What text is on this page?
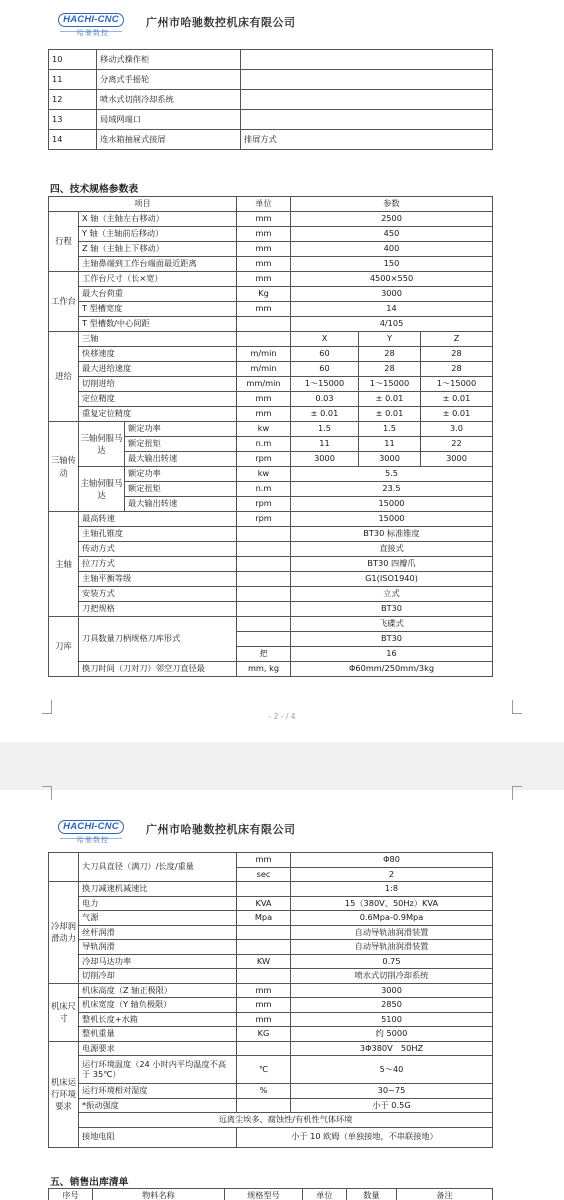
HACHI-CNC
哈驰数控
广州市哈驰数控机床有限公司
10	移动式操作柜	
11	分离式手摇轮	
12	喷水式切削冷却系统	
13	局域网端口	
14	连水箱抽屉式接屑	排屑方式
四、技术规格参数表
项目			单位	参数		
行程	X 轴（主轴左右移动）		mm	2500		
	Y 轴（主轴前后移动）		mm	450		
	Z 轴（主轴上下移动）		mm	400		
	主轴鼻端到工作台端面最近距离		mm	150		
工作台	工作台尺寸（长×宽）		mm	4500×550		
	最大台荷重		Kg	3000		
	T 型槽宽度		mm	14		
	T 型槽数/中心间距			4/105		
进给	三轴			X	Y	Z
	快移速度		m/min	60	28	28
	最大进给速度		m/min	60	28	28
	切削进给		mm/min	1～15000	1～15000	1～15000
	定位精度		mm	0.03	± 0.01	± 0.01
	重复定位精度		mm	± 0.01	± 0.01	± 0.01
三轴传动	三轴伺服马达	额定功率	kw	1.5	1.5	3.0
		额定扭矩	n.m	11	11	22
		最大输出转速	rpm	3000	3000	3000
	主轴伺服马达	额定功率	kw	5.5		
		额定扭矩	n.m	23.5		
		最大输出转速	rpm	15000		
主轴	最高转速		rpm	15000		
	主轴孔锥度			BT30 标准锥度		
	传动方式			直接式		
	拉刀方式			BT30 四瓣爪		
	主轴平衡等级			G1(ISO1940)		
	安装方式			立式		
	刀把规格			BT30		
刀库	刀具数量刀柄规格刀库形式			飞碟式		
				BT30		
			把	16		
	换刀时间（刀对刀）邻空刀直径最		mm, kg	Φ60mm/250mm/3kg		
- 2 - / 4
HACHI-CNC
哈驰数控
广州市哈驰数控机床有限公司
	大刀具直径（满刀）/长度/重量	mm	Φ80
		sec	2
冷却润滑动力	换刀减速机减速比		1:8
	电力	KVA	15（380V、50Hz）KVA
	气源	Mpa	0.6Mpa-0.9Mpa
	丝杆润滑		自动导轨油润滑装置
	导轨润滑		自动导轨油润滑装置
	冷却马达功率	KW	0.75
	切削冷却		喷水式切削冷却系统
机床尺寸	机床高度（Z 轴正极限）	mm	3000
	机床宽度（Y 轴负极限）	mm	2850
	整机长度+水箱	mm	5100
	整机重量	KG	约 5000
机床运行环境要求	电源要求		3Φ380V　50HZ
	运行环境温度（24 小时内平均温度不高于 35℃）	℃	5～40
	运行环境相对湿度	%	30~75
	*振动强度		小于 0.5G
	远离尘埃多、腐蚀性/有机性气体环境		
	接地电阻	小于 10 欧姆（单独接地，不串联接地）	
五、销售出库清单
序号	物料名称	规格型号	单位	数量	备注
